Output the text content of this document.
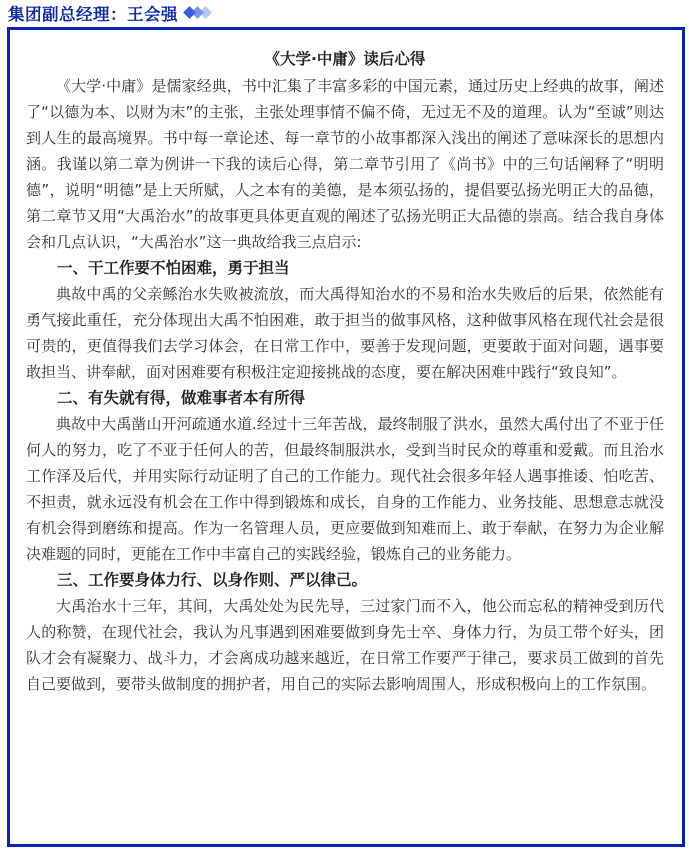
集团副总经理：王会强

《大学·中庸》读后心得

《大学·中庸》是儒家经典，书中汇集了丰富多彩的中国元素，通过历史上经典的故事，阐述了“以德为本、以财为末”的主张，主张处理事情不偏不倚，无过无不及的道理。认为“至诚”则达到人生的最高境界。书中每一章论述、每一章节的小故事都深入浅出的阐述了意味深长的思想内涵。我谨以第二章为例讲一下我的读后心得，第二章节引用了《尚书》中的三句话阐释了“明明德”，说明“明德”是上天所赋，人之本有的美德，是本须弘扬的，提倡要弘扬光明正大的品德，第二章节又用“大禹治水”的故事更具体更直观的阐述了弘扬光明正大品德的崇高。结合我自身体会和几点认识，“大禹治水”这一典故给我三点启示:

一、干工作要不怕困难，勇于担当

典故中禹的父亲鲧治水失败被流放，而大禹得知治水的不易和治水失败后的后果，依然能有勇气接此重任，充分体现出大禹不怕困难，敢于担当的做事风格，这种做事风格在现代社会是很可贵的，更值得我们去学习体会，在日常工作中，要善于发现问题，更要敢于面对问题，遇事要敢担当、讲奉献，面对困难要有积极注定迎接挑战的态度，要在解决困难中践行“致良知”。

二、有失就有得，做难事者本有所得

典故中大禹凿山开河疏通水道.经过十三年苦战，最终制服了洪水，虽然大禹付出了不亚于任何人的努力，吃了不亚于任何人的苦，但最终制服洪水，受到当时民众的尊重和爱戴。而且治水工作泽及后代，并用实际行动证明了自己的工作能力。现代社会很多年轻人遇事推诿、怕吃苦、不担责，就永远没有机会在工作中得到锻炼和成长，自身的工作能力、业务技能、思想意志就没有机会得到磨练和提高。作为一名管理人员，更应要做到知难而上、敢于奉献，在努力为企业解决难题的同时，更能在工作中丰富自己的实践经验，锻炼自己的业务能力。

三、工作要身体力行、以身作则、严以律己。

大禹治水十三年，其间，大禹处处为民先导，三过家门而不入，他公而忘私的精神受到历代人的称赞，在现代社会，我认为凡事遇到困难要做到身先士卒、身体力行，为员工带个好头，团队才会有凝聚力、战斗力，才会离成功越来越近，在日常工作要严于律己，要求员工做到的首先自己要做到，要带头做制度的拥护者，用自己的实际去影响周围人，形成积极向上的工作氛围。
